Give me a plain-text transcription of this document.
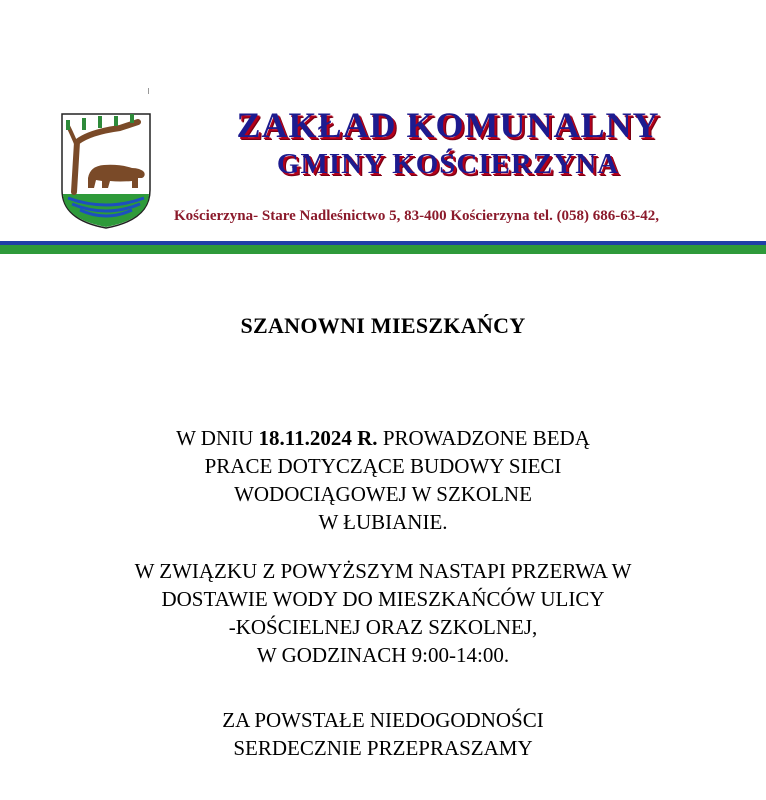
ZAKŁAD KOMUNALNY
GMINY KOŚCIERZYNA
Kościerzyna- Stare Nadleśnictwo 5, 83-400 Kościerzyna tel. (058) 686-63-42,
SZANOWNI MIESZKAŃCY

W DNIU 18.11.2024 R. PROWADZONE BEDĄ

PRACE DOTYCZĄCE BUDOWY SIECI

WODOCIĄGOWEJ W SZKOLNE

W ŁUBIANIE.

W ZWIĄZKU Z POWYŻSZYM NASTAPI PRZERWA W

DOSTAWIE WODY DO MIESZKAŃCÓW ULICY

-KOŚCIELNEJ ORAZ SZKOLNEJ,

W GODZINACH 9:00-14:00.

ZA POWSTAŁE NIEDOGODNOŚCI

SERDECZNIE PRZEPRASZAMY
